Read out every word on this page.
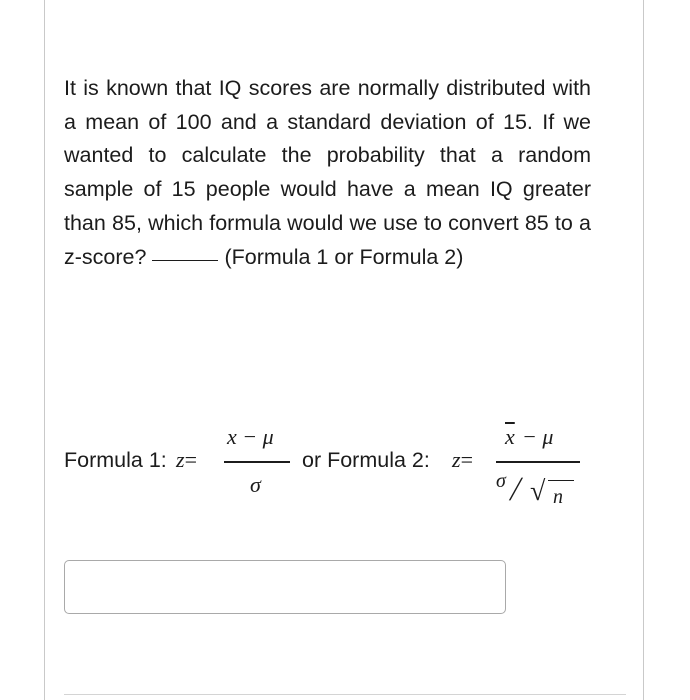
It is known that IQ scores are normally distributed with a mean of 100 and a standard deviation of 15. If we wanted to calculate the probability that a random sample of 15 people would have a mean IQ greater than 85, which formula would we use to convert 85 to a z-score?	(Formula 1 or Formula 2)

Formula 1: z=
x − μ
σ
or Formula 2: z=
$\overline{x} - \mu$
σ / √ n
